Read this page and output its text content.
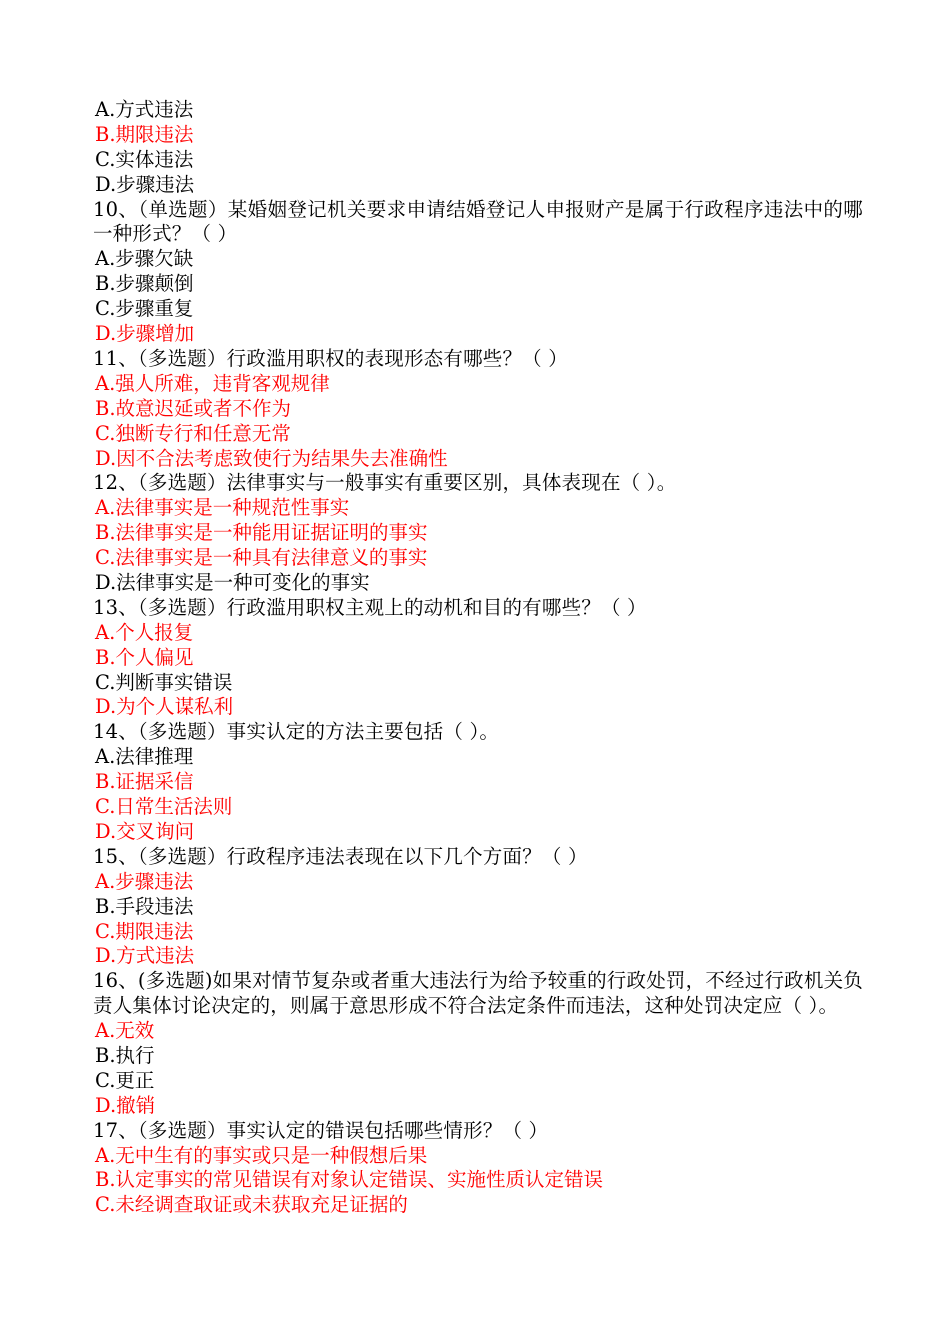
A.方式违法
B.期限违法
C.实体违法
D.步骤违法
10、（单选题）某婚姻登记机关要求申请结婚登记人申报财产是属于行政程序违法中的哪一种形式？（ ）
A.步骤欠缺
B.步骤颠倒
C.步骤重复
D.步骤增加
11、（多选题）行政滥用职权的表现形态有哪些？（ ）
A.强人所难，违背客观规律
B.故意迟延或者不作为
C.独断专行和任意无常
D.因不合法考虑致使行为结果失去准确性
12、（多选题）法律事实与一般事实有重要区别，具体表现在（ ）。
A.法律事实是一种规范性事实
B.法律事实是一种能用证据证明的事实
C.法律事实是一种具有法律意义的事实
D.法律事实是一种可变化的事实
13、（多选题）行政滥用职权主观上的动机和目的有哪些？（ ）
A.个人报复
B.个人偏见
C.判断事实错误
D.为个人谋私利
14、（多选题）事实认定的方法主要包括（ ）。
A.法律推理
B.证据采信
C.日常生活法则
D.交叉询问
15、（多选题）行政程序违法表现在以下几个方面？（ ）
A.步骤违法
B.手段违法
C.期限违法
D.方式违法
16、(多选题)如果对情节复杂或者重大违法行为给予较重的行政处罚，不经过行政机关负责人集体讨论决定的，则属于意思形成不符合法定条件而违法，这种处罚决定应（ ）。
A.无效
B.执行
C.更正
D.撤销
17、（多选题）事实认定的错误包括哪些情形？（ ）
A.无中生有的事实或只是一种假想后果
B.认定事实的常见错误有对象认定错误、实施性质认定错误
C.未经调查取证或未获取充足证据的
